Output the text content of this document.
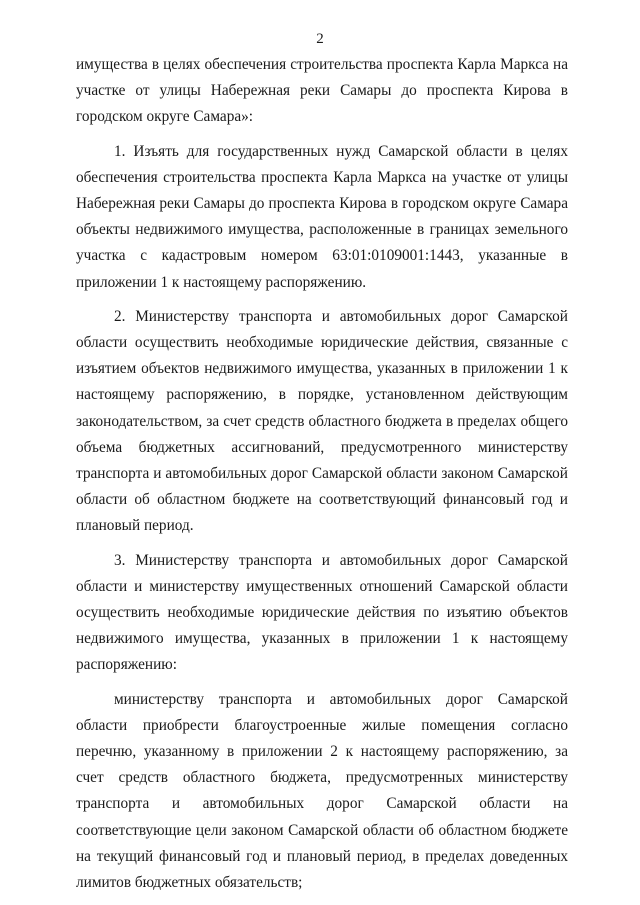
2

имущества в целях обеспечения строительства проспекта Карла Маркса на участке от улицы Набережная реки Самары до проспекта Кирова в городском округе Самара»:

1. Изъять для государственных нужд Самарской области в целях обеспечения строительства проспекта Карла Маркса на участке от улицы Набережная реки Самары до проспекта Кирова в городском округе Самара объекты недвижимого имущества, расположенные в границах земельного участка с кадастровым номером 63:01:0109001:1443, указанные в приложении 1 к настоящему распоряжению.

2. Министерству транспорта и автомобильных дорог Самарской области осуществить необходимые юридические действия, связанные с изъятием объектов недвижимого имущества, указанных в приложении 1 к настоящему распоряжению, в порядке, установленном действующим законодательством, за счет средств областного бюджета в пределах общего объема бюджетных ассигнований, предусмотренного министерству транспорта и автомобильных дорог Самарской области законом Самарской области об областном бюджете на соответствующий финансовый год и плановый период.

3. Министерству транспорта и автомобильных дорог Самарской области и министерству имущественных отношений Самарской области осуществить необходимые юридические действия по изъятию объектов недвижимого имущества, указанных в приложении 1 к настоящему распоряжению:

министерству транспорта и автомобильных дорог Самарской области приобрести благоустроенные жилые помещения согласно перечню, указанному в приложении 2 к настоящему распоряжению, за счет средств областного бюджета, предусмотренных министерству транспорта и автомобильных дорог Самарской области на соответствующие цели законом Самарской области об областном бюджете на текущий финансовый год и плановый период, в пределах доведенных лимитов бюджетных обязательств;
